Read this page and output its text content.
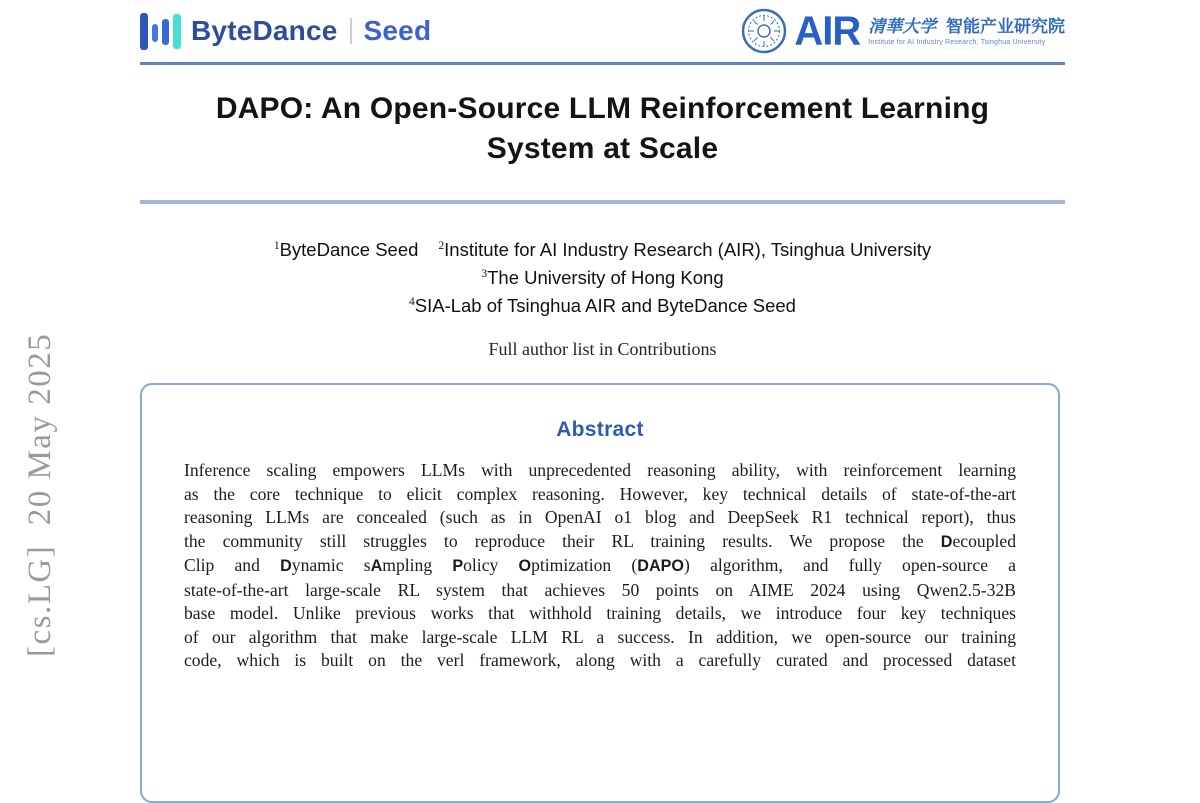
[cs.LG]  20 May 2025
ByteDance Seed	AIR 清華大学 智能产业研究院
Institute for AI Industry Research, Tsinghua University
DAPO: An Open-Source LLM Reinforcement Learning
System at Scale
$^1$ByteDance Seed $^2$Institute for AI Industry Research (AIR), Tsinghua University
$^3$The University of Hong Kong
$^4$SIA-Lab of Tsinghua AIR and ByteDance Seed
Full author list in Contributions
Abstract
Inference scaling empowers LLMs with unprecedented reasoning ability, with reinforcement learning
as the core technique to elicit complex reasoning. However, key technical details of state-of-the-art
reasoning LLMs are concealed (such as in OpenAI o1 blog and DeepSeek R1 technical report), thus
the community still struggles to reproduce their RL training results. We propose the Decoupled
Clip and Dynamic sAmpling Policy Optimization (DAPO) algorithm, and fully open-source a
state-of-the-art large-scale RL system that achieves 50 points on AIME 2024 using Qwen2.5-32B
base model. Unlike previous works that withhold training details, we introduce four key techniques
of our algorithm that make large-scale LLM RL a success. In addition, we open-source our training
code, which is built on the verl framework, along with a carefully curated and processed dataset
